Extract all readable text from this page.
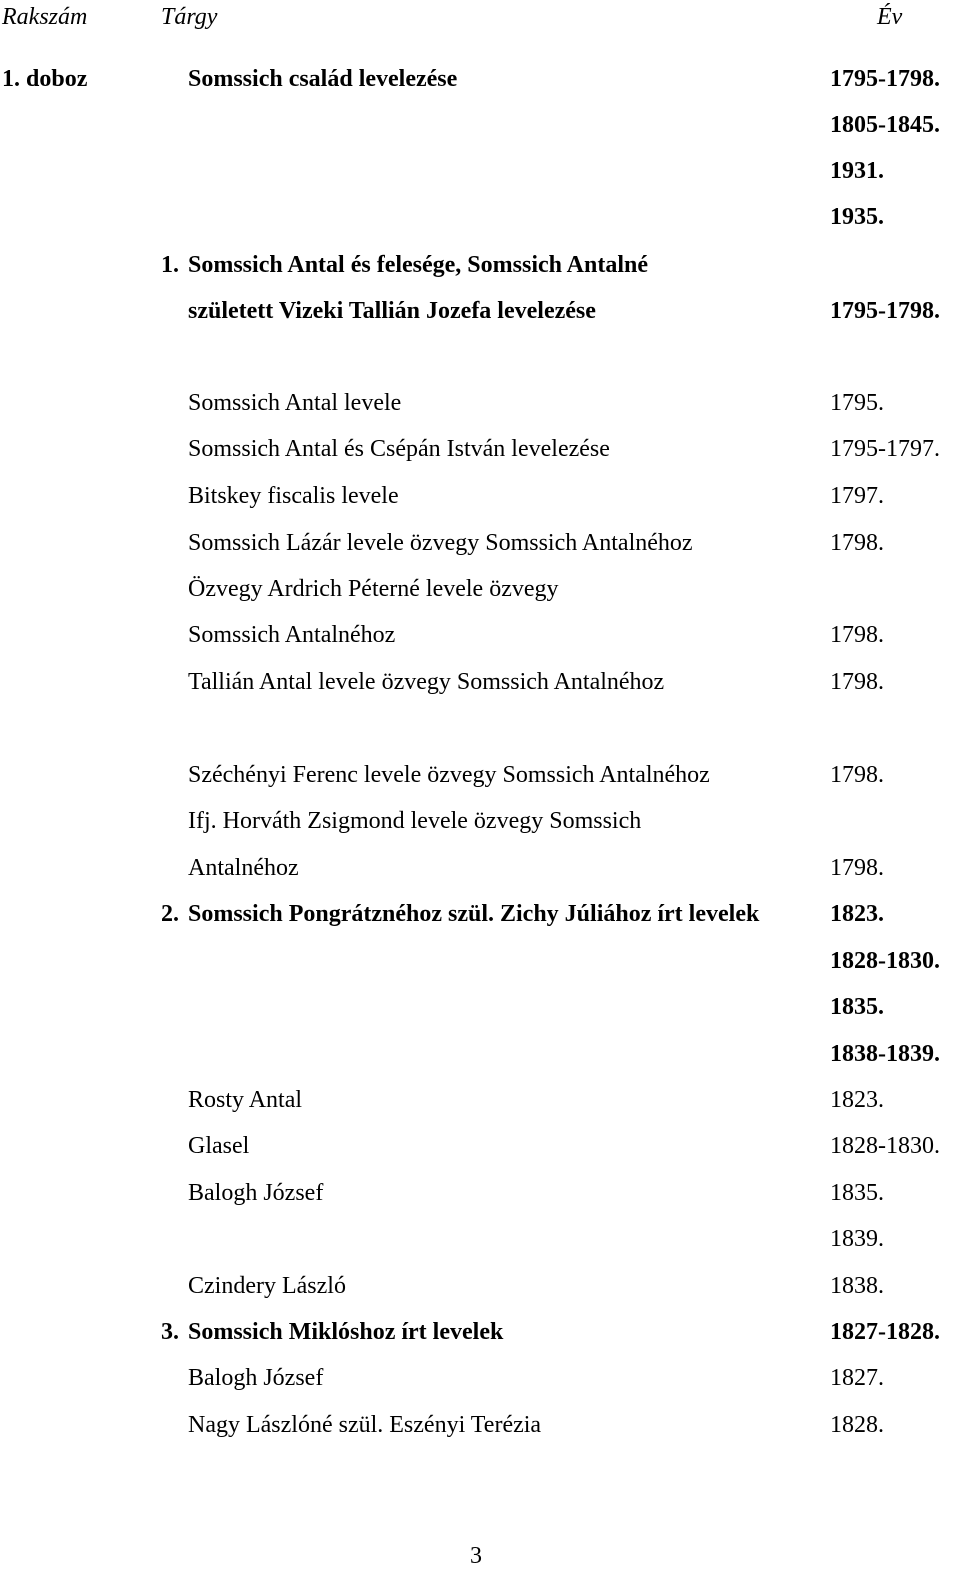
Rakszám	Tárgy	Év
1. doboz	Somssich család levelezése	1795-1798.
1805-1845.
1931.
1935.
1. Somssich Antal és felesége, Somssich Antalné
született Vizeki Tallián Jozefa levelezése	1795-1798.
Somssich Antal levele	1795.
Somssich Antal és Csépán István levelezése	1795-1797.
Bitskey fiscalis levele	1797.
Somssich Lázár levele özvegy Somssich Antalnéhoz	1798.
Özvegy Ardrich Péterné levele özvegy
Somssich Antalnéhoz	1798.
Tallián Antal levele özvegy Somssich Antalnéhoz	1798.
Széchényi Ferenc levele özvegy Somssich Antalnéhoz	1798.
Ifj. Horváth Zsigmond levele özvegy Somssich
Antalnéhoz	1798.
2. Somssich Pongrátznéhoz szül. Zichy Júliához írt levelek	1823.
1828-1830.
1835.
1838-1839.
Rosty Antal	1823.
Glasel	1828-1830.
Balogh József	1835.
1839.
Czindery László	1838.
3. Somssich Miklóshoz írt levelek	1827-1828.
Balogh József	1827.
Nagy Lászlóné szül. Eszényi Terézia	1828.
3
